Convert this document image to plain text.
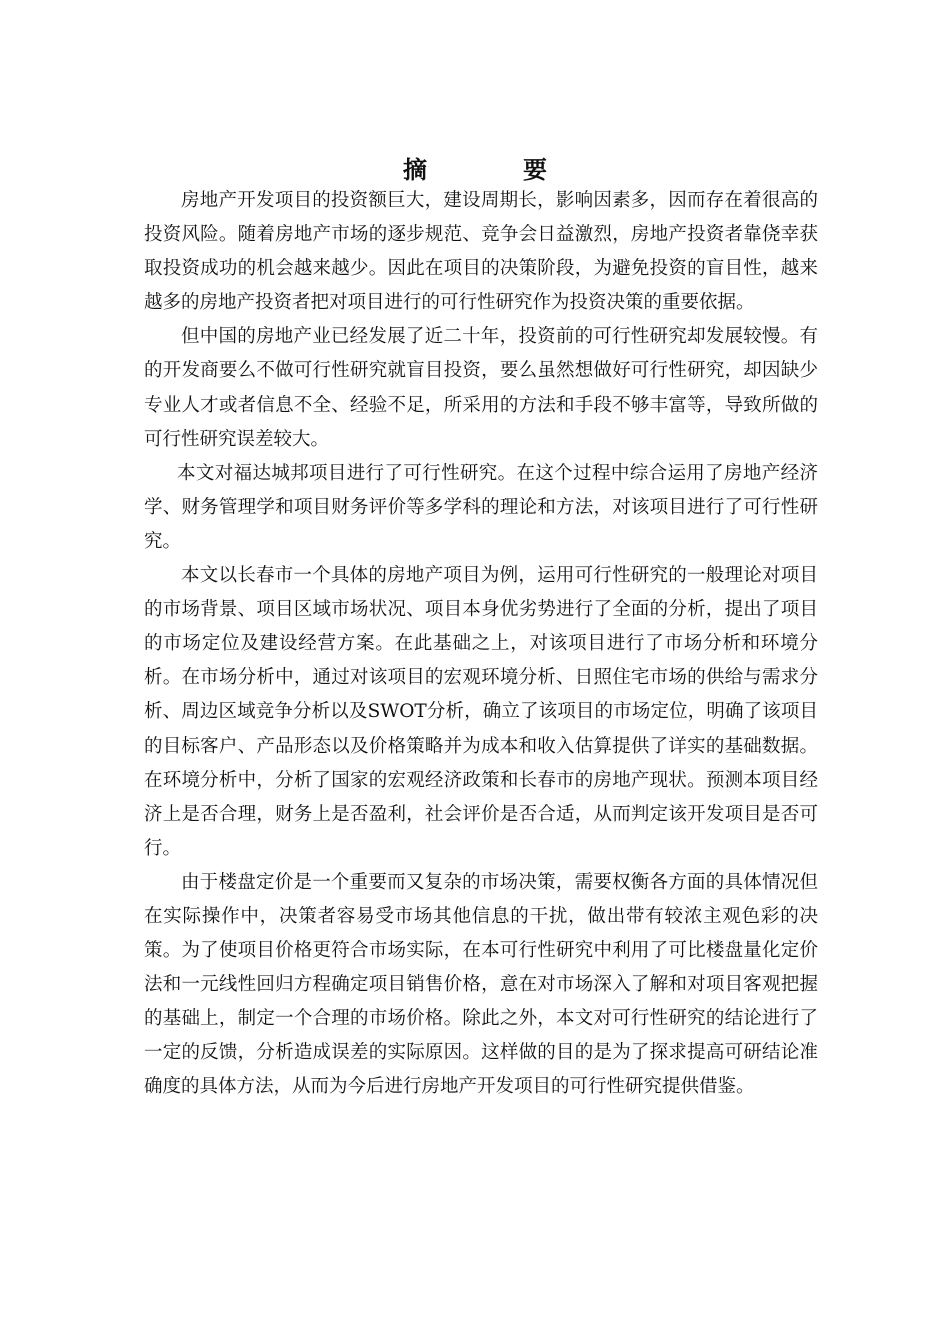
摘	要

房地产开发项目的投资额巨大，建设周期长，影响因素多，因而存在着很高的投资风险。随着房地产市场的逐步规范、竞争会日益激烈，房地产投资者靠侥幸获取投资成功的机会越来越少。因此在项目的决策阶段，为避免投资的盲目性，越来越多的房地产投资者把对项目进行的可行性研究作为投资决策的重要依据。

但中国的房地产业已经发展了近二十年，投资前的可行性研究却发展较慢。有的开发商要么不做可行性研究就盲目投资，要么虽然想做好可行性研究，却因缺少专业人才或者信息不全、经验不足，所采用的方法和手段不够丰富等，导致所做的可行性研究误差较大。

本文对福达城邦项目进行了可行性研究。在这个过程中综合运用了房地产经济学、财务管理学和项目财务评价等多学科的理论和方法，对该项目进行了可行性研究。

本文以长春市一个具体的房地产项目为例，运用可行性研究的一般理论对项目的市场背景、项目区域市场状况、项目本身优劣势进行了全面的分析，提出了项目的市场定位及建设经营方案。在此基础之上，对该项目进行了市场分析和环境分析。在市场分析中，通过对该项目的宏观环境分析、日照住宅市场的供给与需求分析、周边区域竞争分析以及SWOT分析，确立了该项目的市场定位，明确了该项目的目标客户、产品形态以及价格策略并为成本和收入估算提供了详实的基础数据。在环境分析中，分析了国家的宏观经济政策和长春市的房地产现状。预测本项目经济上是否合理，财务上是否盈利，社会评价是否合适，从而判定该开发项目是否可行。

由于楼盘定价是一个重要而又复杂的市场决策，需要权衡各方面的具体情况但在实际操作中，决策者容易受市场其他信息的干扰，做出带有较浓主观色彩的决策。为了使项目价格更符合市场实际，在本可行性研究中利用了可比楼盘量化定价法和一元线性回归方程确定项目销售价格，意在对市场深入了解和对项目客观把握的基础上，制定一个合理的市场价格。除此之外，本文对可行性研究的结论进行了一定的反馈，分析造成误差的实际原因。这样做的目的是为了探求提高可研结论准确度的具体方法，从而为今后进行房地产开发项目的可行性研究提供借鉴。
